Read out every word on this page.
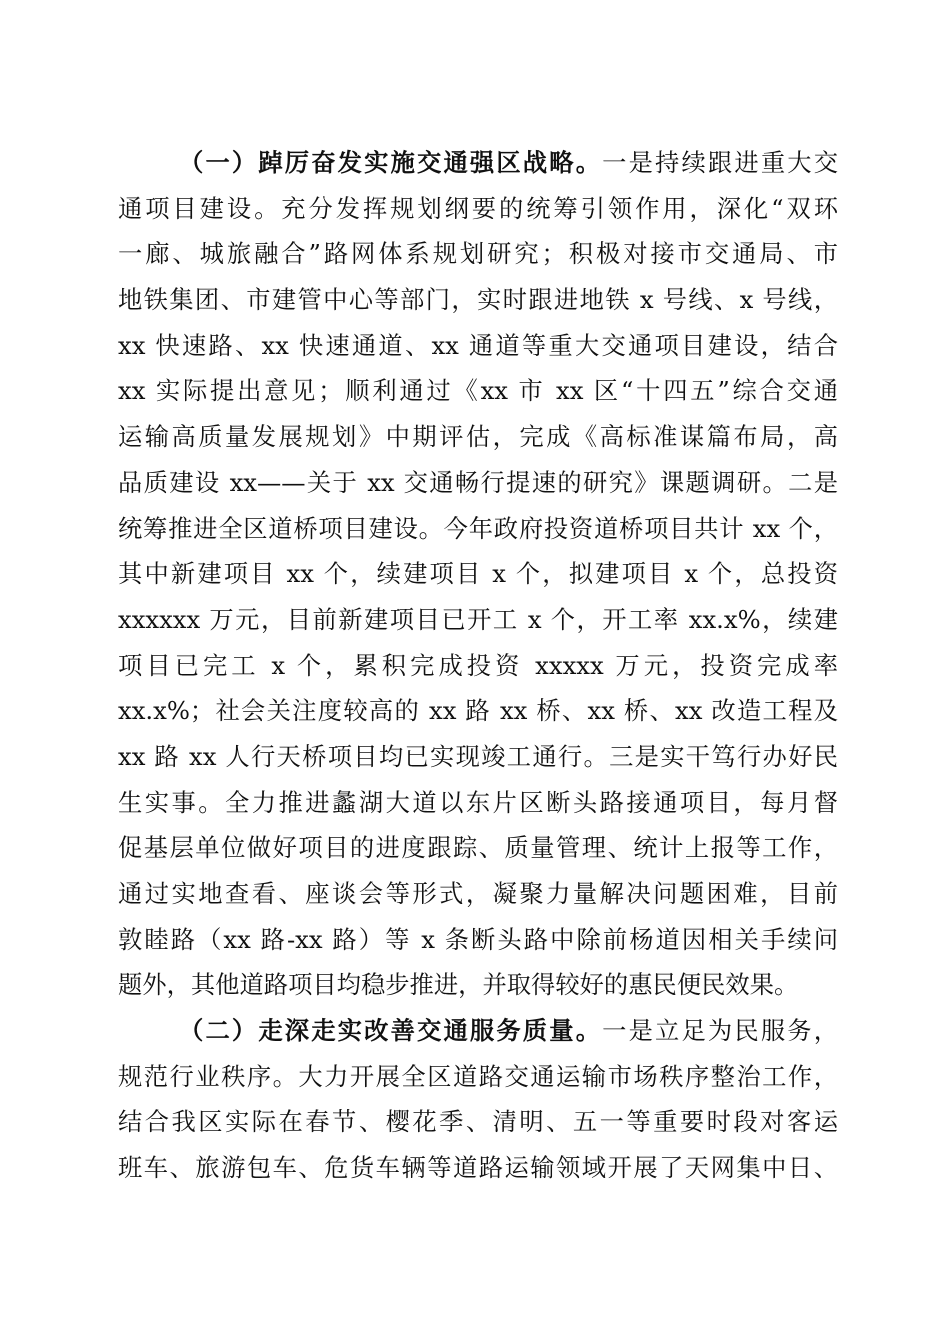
（一）踔厉奋发实施交通强区战略。一是持续跟进重大交
通项目建设。充分发挥规划纲要的统筹引领作用，深化“双环
一廊、城旅融合”路网体系规划研究；积极对接市交通局、市
地铁集团、市建管中心等部门，实时跟进地铁 x 号线、x 号线，
xx 快速路、xx 快速通道、xx 通道等重大交通项目建设，结合
xx 实际提出意见；顺利通过《xx 市 xx 区“十四五”综合交通
运输高质量发展规划》中期评估，完成《高标准谋篇布局，高
品质建设 xx——关于 xx 交通畅行提速的研究》课题调研。二是
统筹推进全区道桥项目建设。今年政府投资道桥项目共计 xx 个，
其中新建项目 xx 个，续建项目 x 个，拟建项目 x 个，总投资
xxxxxx 万元，目前新建项目已开工 x 个，开工率 xx.x%，续建
项目已完工 x 个，累积完成投资 xxxxx 万元，投资完成率
xx.x%；社会关注度较高的 xx 路 xx 桥、xx 桥、xx 改造工程及
xx 路 xx 人行天桥项目均已实现竣工通行。三是实干笃行办好民
生实事。全力推进蠡湖大道以东片区断头路接通项目，每月督
促基层单位做好项目的进度跟踪、质量管理、统计上报等工作，
通过实地查看、座谈会等形式，凝聚力量解决问题困难，目前
敦睦路（xx 路-xx 路）等 x 条断头路中除前杨道因相关手续问
题外，其他道路项目均稳步推进，并取得较好的惠民便民效果。
（二）走深走实改善交通服务质量。一是立足为民服务，
规范行业秩序。大力开展全区道路交通运输市场秩序整治工作，
结合我区实际在春节、樱花季、清明、五一等重要时段对客运
班车、旅游包车、危货车辆等道路运输领域开展了天网集中日、
